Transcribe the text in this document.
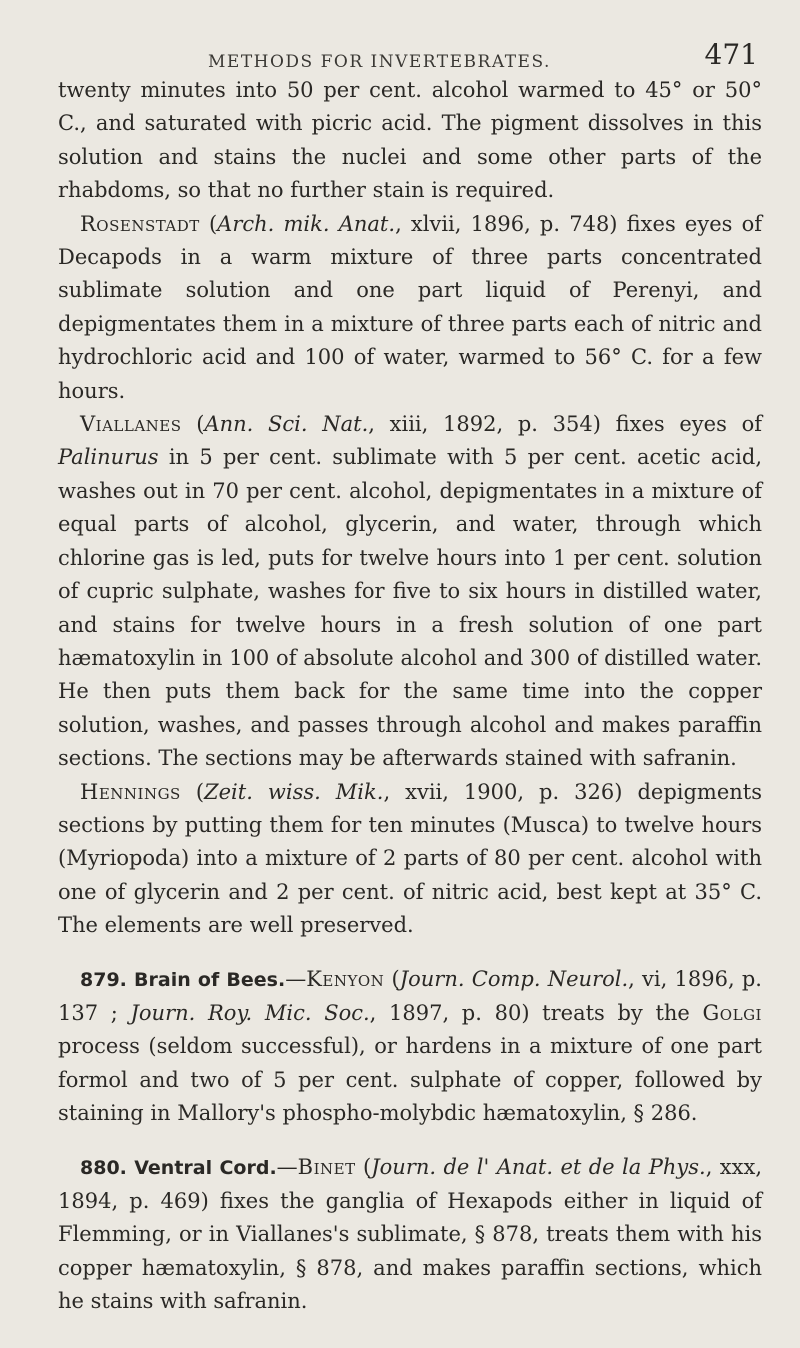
METHODS FOR INVERTEBRATES.	471

twenty minutes into 50 per cent. alcohol warmed to 45° or 50° C., and saturated with picric acid. The pigment dissolves in this solution and stains the nuclei and some other parts of the rhabdoms, so that no further stain is required.

Rosenstadt (Arch. mik. Anat., xlvii, 1896, p. 748) fixes eyes of Decapods in a warm mixture of three parts concentrated sublimate solution and one part liquid of Perenyi, and depigmentates them in a mixture of three parts each of nitric and hydrochloric acid and 100 of water, warmed to 56° C. for a few hours.

Viallanes (Ann. Sci. Nat., xiii, 1892, p. 354) fixes eyes of Palinurus in 5 per cent. sublimate with 5 per cent. acetic acid, washes out in 70 per cent. alcohol, depigmentates in a mixture of equal parts of alcohol, glycerin, and water, through which chlorine gas is led, puts for twelve hours into 1 per cent. solution of cupric sulphate, washes for five to six hours in distilled water, and stains for twelve hours in a fresh solution of one part hæmatoxylin in 100 of absolute alcohol and 300 of distilled water. He then puts them back for the same time into the copper solution, washes, and passes through alcohol and makes paraffin sections. The sections may be afterwards stained with safranin.

Hennings (Zeit. wiss. Mik., xvii, 1900, p. 326) depigments sections by putting them for ten minutes (Musca) to twelve hours (Myriopoda) into a mixture of 2 parts of 80 per cent. alcohol with one of glycerin and 2 per cent. of nitric acid, best kept at 35° C. The elements are well preserved.

879. Brain of Bees.—Kenyon (Journ. Comp. Neurol., vi, 1896, p. 137 ; Journ. Roy. Mic. Soc., 1897, p. 80) treats by the Golgi process (seldom successful), or hardens in a mixture of one part formol and two of 5 per cent. sulphate of copper, followed by staining in Mallory's phospho-molybdic hæmatoxylin, § 286.

880. Ventral Cord.—Binet (Journ. de l' Anat. et de la Phys., xxx, 1894, p. 469) fixes the ganglia of Hexapods either in liquid of Flemming, or in Viallanes's sublimate, § 878, treats them with his copper hæmatoxylin, § 878, and makes paraffin sections, which he stains with safranin.
